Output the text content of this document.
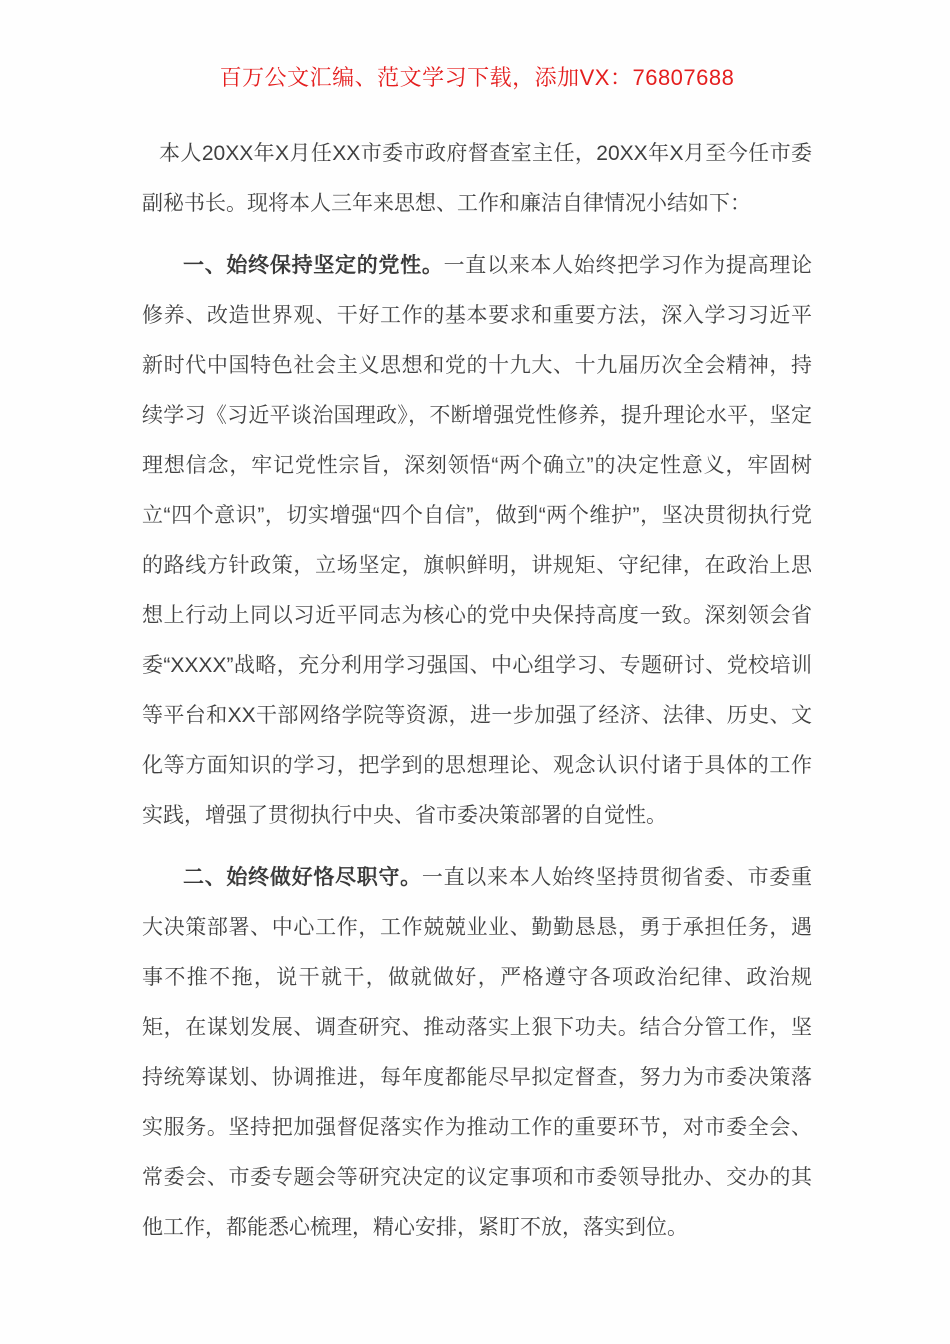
百万公文汇编、范文学习下载，添加VX：76807688

本人20XX年X月任XX市委市政府督查室主任，20XX年X月至今任市委副秘书长。现将本人三年来思想、工作和廉洁自律情况小结如下：

一、始终保持坚定的党性。一直以来本人始终把学习作为提高理论修养、改造世界观、干好工作的基本要求和重要方法，深入学习习近平新时代中国特色社会主义思想和党的十九大、十九届历次全会精神，持续学习《习近平谈治国理政》，不断增强党性修养，提升理论水平，坚定理想信念，牢记党性宗旨，深刻领悟“两个确立”的决定性意义，牢固树立“四个意识”，切实增强“四个自信”，做到“两个维护”，坚决贯彻执行党的路线方针政策，立场坚定，旗帜鲜明，讲规矩、守纪律，在政治上思想上行动上同以习近平同志为核心的党中央保持高度一致。深刻领会省委“XXXX”战略，充分利用学习强国、中心组学习、专题研讨、党校培训等平台和XX干部网络学院等资源，进一步加强了经济、法律、历史、文化等方面知识的学习，把学到的思想理论、观念认识付诸于具体的工作实践，增强了贯彻执行中央、省市委决策部署的自觉性。

二、始终做好恪尽职守。一直以来本人始终坚持贯彻省委、市委重大决策部署、中心工作，工作兢兢业业、勤勤恳恳，勇于承担任务，遇事不推不拖，说干就干，做就做好，严格遵守各项政治纪律、政治规矩，在谋划发展、调查研究、推动落实上狠下功夫。结合分管工作，坚持统筹谋划、协调推进，每年度都能尽早拟定督查，努力为市委决策落实服务。坚持把加强督促落实作为推动工作的重要环节，对市委全会、常委会、市委专题会等研究决定的议定事项和市委领导批办、交办的其他工作，都能悉心梳理，精心安排，紧盯不放，落实到位。
